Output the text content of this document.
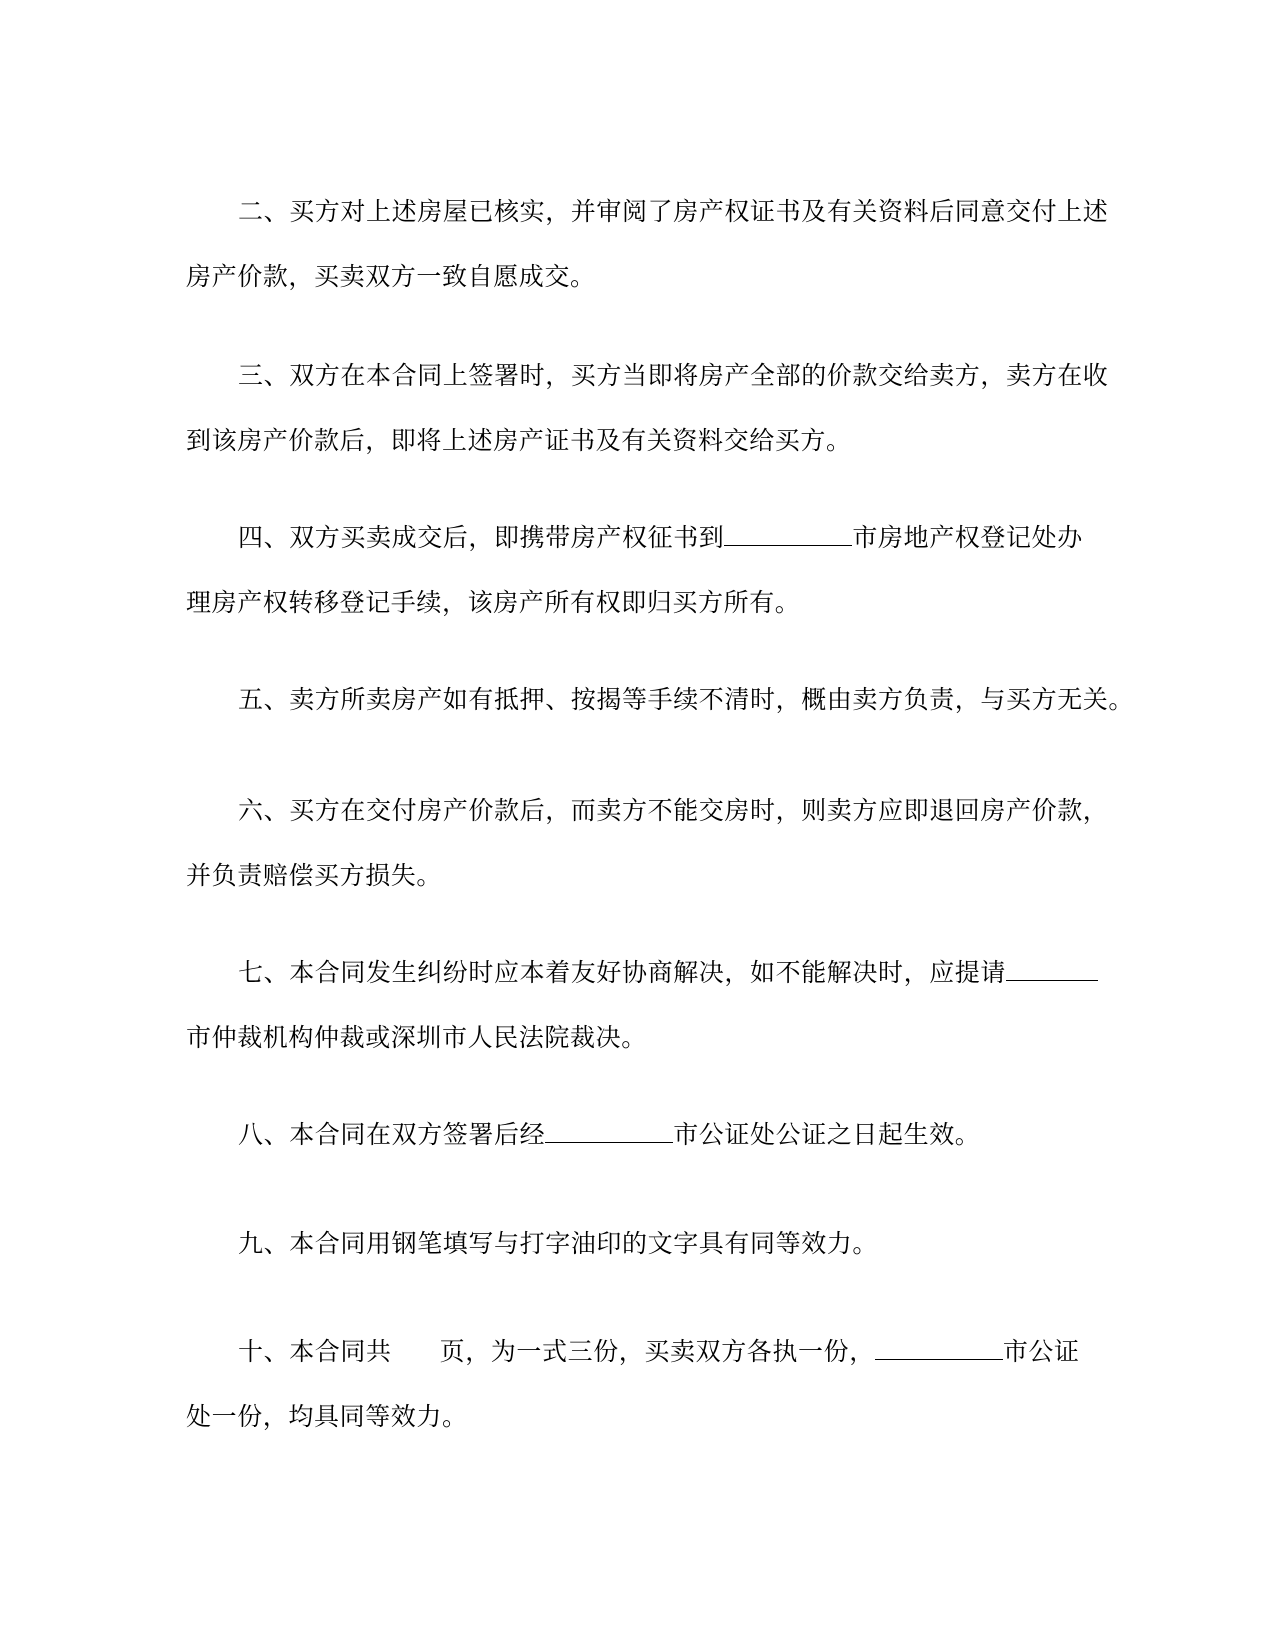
二、买方对上述房屋已核实，并审阅了房产权证书及有关资料后同意交付上述
房产价款，买卖双方一致自愿成交。
三、双方在本合同上签署时，买方当即将房产全部的价款交给卖方，卖方在收
到该房产价款后，即将上述房产证书及有关资料交给买方。
四、双方买卖成交后，即携带房产权征书到	市房地产权登记处办
理房产权转移登记手续，该房产所有权即归买方所有。
五、卖方所卖房产如有抵押、按揭等手续不清时，概由卖方负责，与买方无关。
六、买方在交付房产价款后，而卖方不能交房时，则卖方应即退回房产价款，
并负责赔偿买方损失。
七、本合同发生纠纷时应本着友好协商解决，如不能解决时，应提请
市仲裁机构仲裁或深圳市人民法院裁决。
八、本合同在双方签署后经	市公证处公证之日起生效。
九、本合同用钢笔填写与打字油印的文字具有同等效力。
十、本合同共 页，为一式三份，买卖双方各执一份，	市公证
处一份，均具同等效力。
